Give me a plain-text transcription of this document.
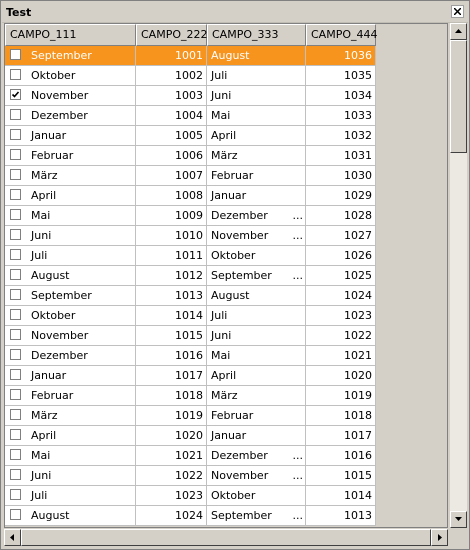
Test
CAMPO_111	CAMPO_222 CAMPO_333	CAMPO_444
September	1001 August	1036
Oktober	1002 Juli	1035
November	1003 Juni	1034
Dezember	1004 Mai	1033
Januar	1005 April	1032
Februar	1006 März	1031
März	1007 Februar	1030
April	1008 Januar	1029
Mai	1009 Dezember ...	1028
Juni	1010 November ...	1027
Juli	1011 Oktober	1026
August	1012 September ...	1025
September	1013 August	1024
Oktober	1014 Juli	1023
November	1015 Juni	1022
Dezember	1016 Mai	1021
Januar	1017 April	1020
Februar	1018 März	1019
März	1019 Februar	1018
April	1020 Januar	1017
Mai	1021 Dezember ...	1016
Juni	1022 November ...	1015
Juli	1023 Oktober	1014
August	1024 September ...	1013
